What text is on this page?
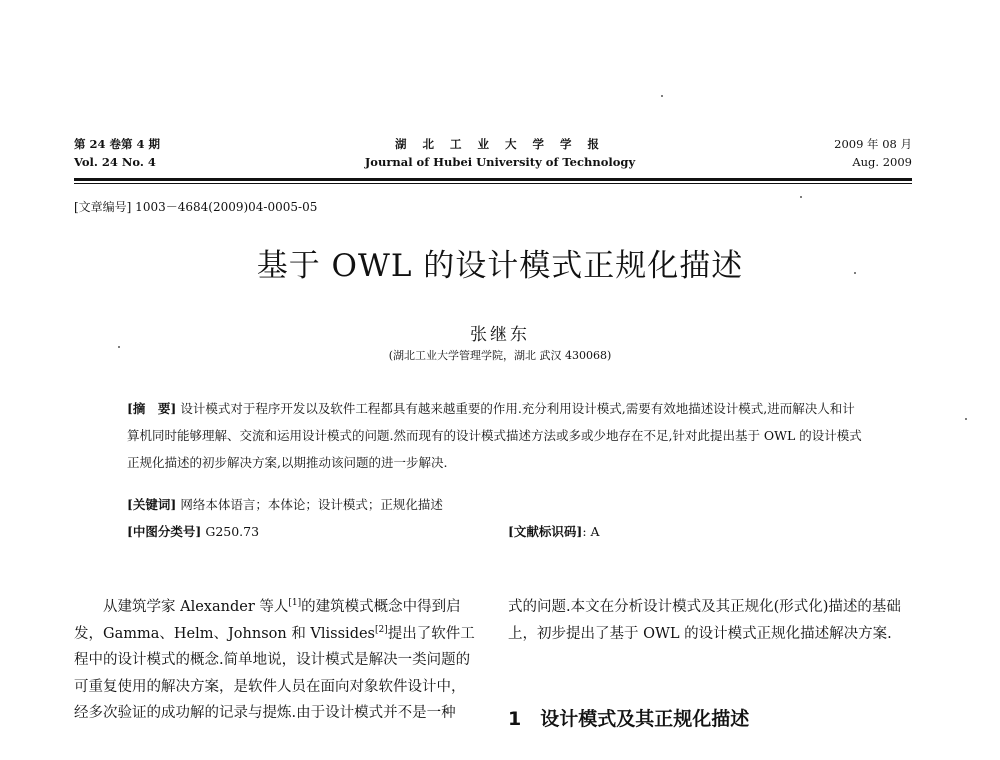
第 24 卷第 4 期
Vol. 24 No. 4
湖 北 工 业 大 学 学 报
Journal of Hubei University of Technology
2009 年 08 月
Aug. 2009
[文章编号] 1003－4684(2009)04-0005-05
基于 OWL 的设计模式正规化描述
张继东
(湖北工业大学管理学院，湖北 武汉 430068)
[摘　要] 设计模式对于程序开发以及软件工程都具有越来越重要的作用.充分利用设计模式,需要有效地描述设计模式,进而解决人和计算机同时能够理解、交流和运用设计模式的问题.然而现有的设计模式描述方法或多或少地存在不足,针对此提出基于 OWL 的设计模式正规化描述的初步解决方案,以期推动该问题的进一步解决.
[关键词] 网络本体语言；本体论；设计模式；正规化描述
[中图分类号] G250.73	[文献标识码]: A
从建筑学家 Alexander 等人[1]的建筑模式概念中得到启发，Gamma、Helm、Johnson 和 Vlissides[2]提出了软件工程中的设计模式的概念.简单地说，设计模式是解决一类问题的可重复使用的解决方案，是软件人员在面向对象软件设计中，经多次验证的成功解的记录与提炼.由于设计模式并不是一种
式的问题.本文在分析设计模式及其正规化(形式化)描述的基础上，初步提出了基于 OWL 的设计模式正规化描述解决方案.
1　设计模式及其正规化描述
